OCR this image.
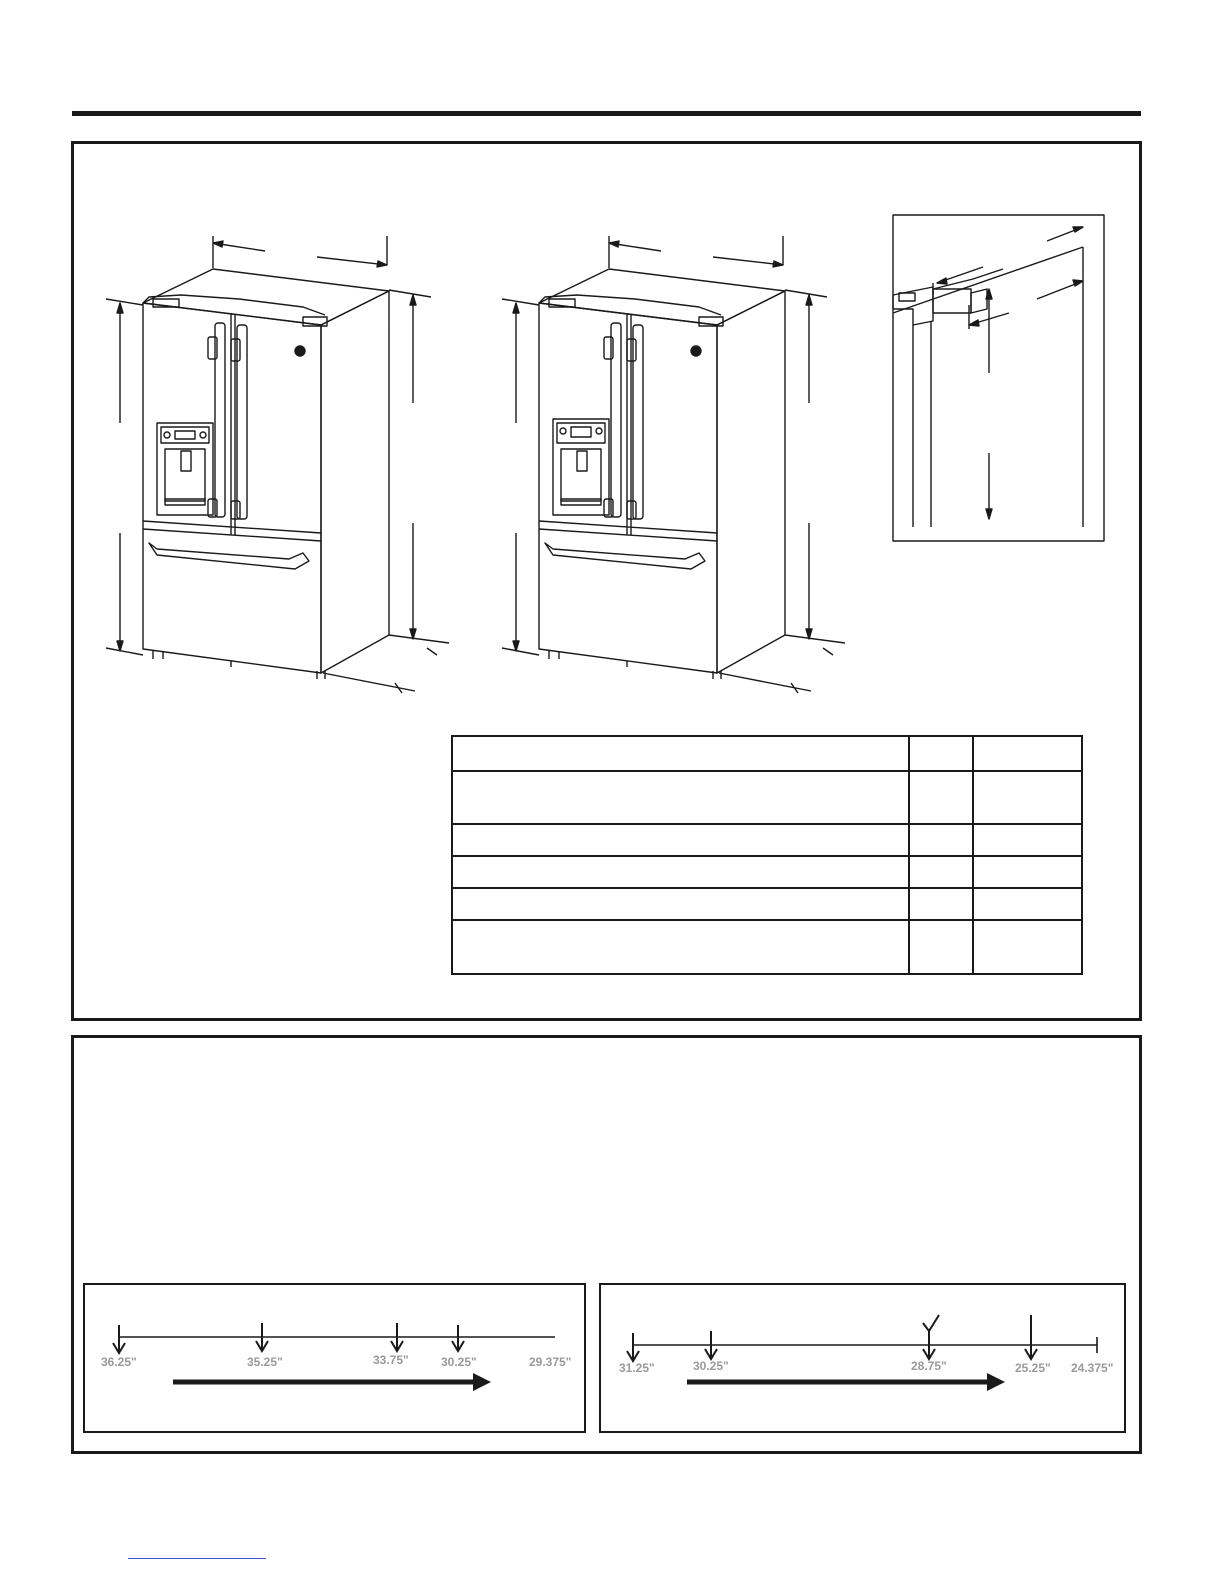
36.25"	35.25"	33.75"	30.25"	29.375"	31.25"	30.25"	28.75"	25.25" 24.375"
